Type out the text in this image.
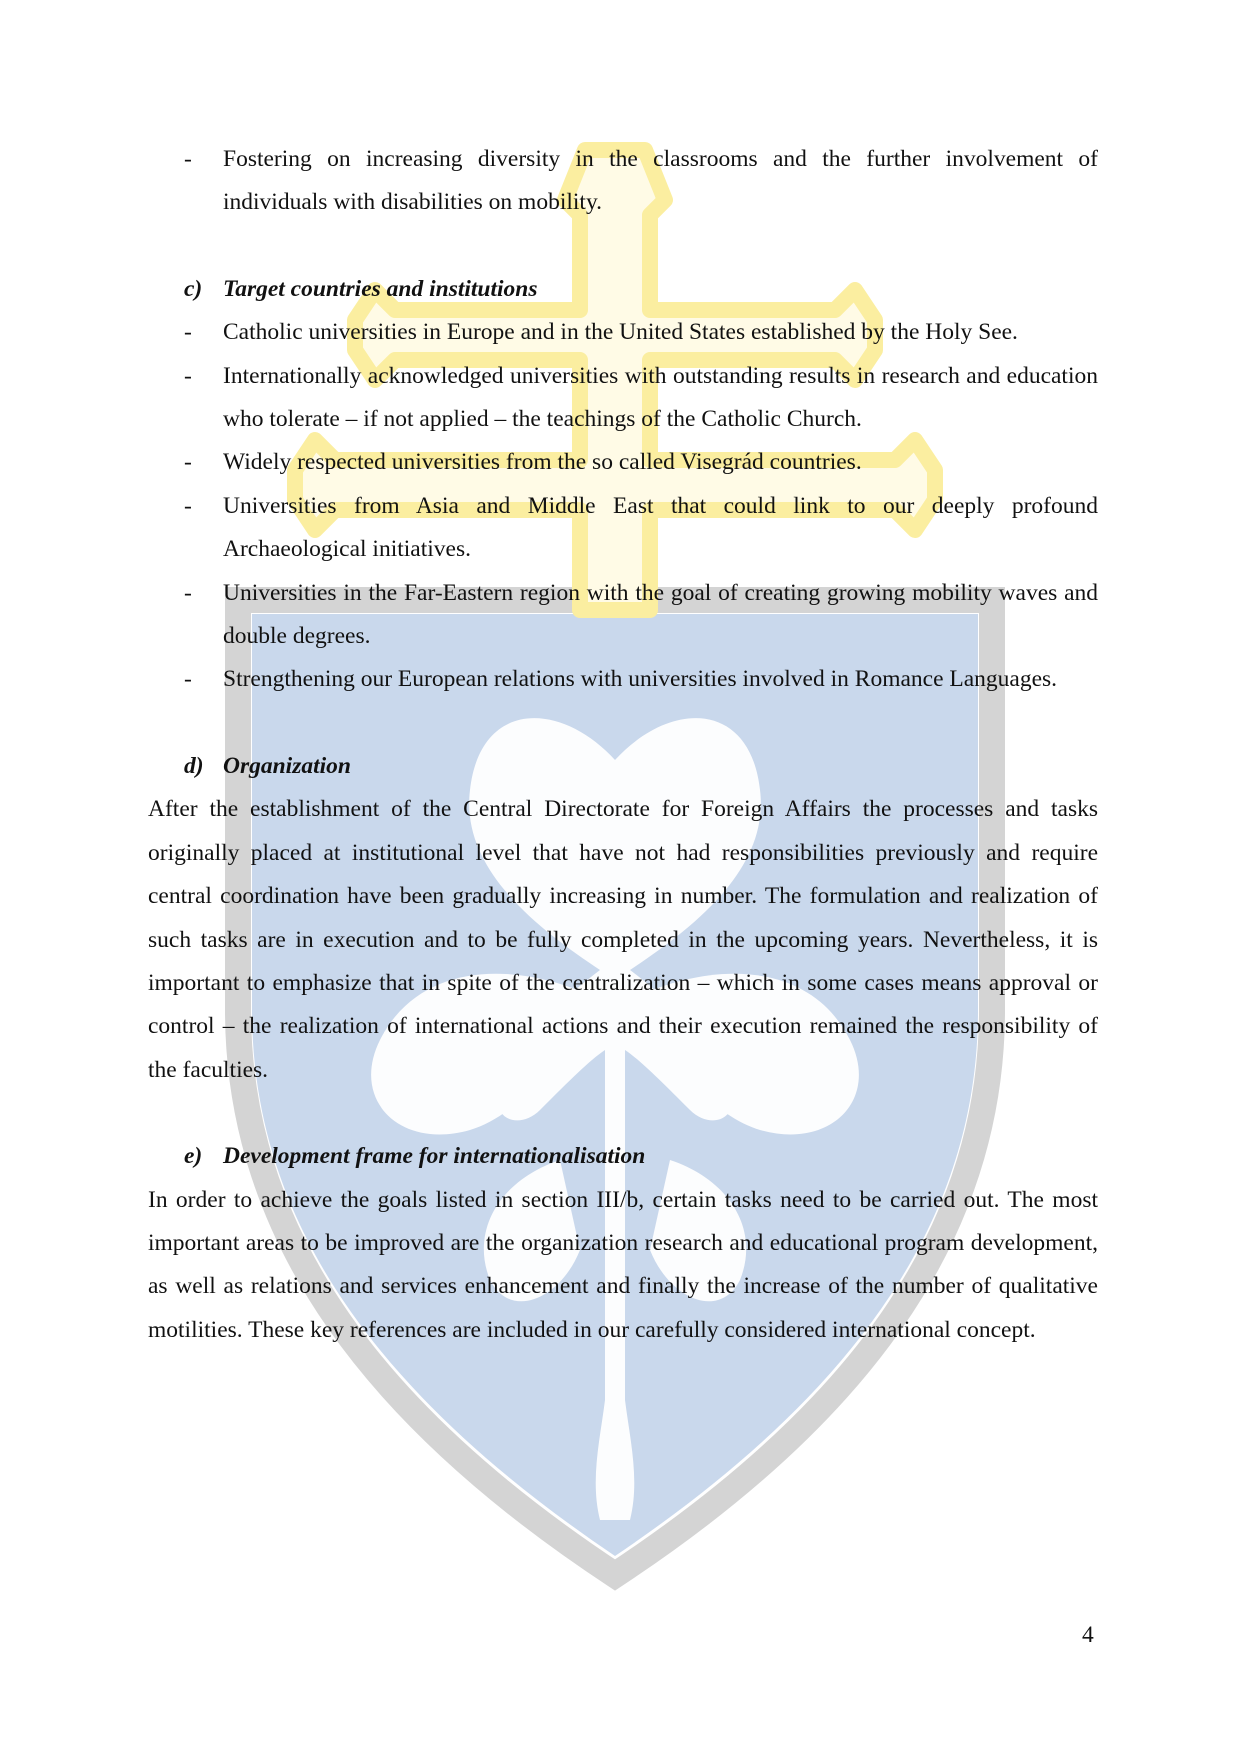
- Fostering on increasing diversity in the classrooms and the further involvement of individuals with disabilities on mobility.
c) Target countries and institutions
- Catholic universities in Europe and in the United States established by the Holy See.
- Internationally acknowledged universities with outstanding results in research and education who tolerate – if not applied – the teachings of the Catholic Church.
- Widely respected universities from the so called Visegrád countries.
- Universities from Asia and Middle East that could link to our deeply profound Archaeological initiatives.
- Universities in the Far-Eastern region with the goal of creating growing mobility waves and double degrees.
- Strengthening our European relations with universities involved in Romance Languages.
d) Organization
After the establishment of the Central Directorate for Foreign Affairs the processes and tasks originally placed at institutional level that have not had responsibilities previously and require central coordination have been gradually increasing in number. The formulation and realization of such tasks are in execution and to be fully completed in the upcoming years. Nevertheless, it is important to emphasize that in spite of the centralization – which in some cases means approval or control – the realization of international actions and their execution remained the responsibility of the faculties.
e) Development frame for internationalisation
In order to achieve the goals listed in section III/b, certain tasks need to be carried out. The most important areas to be improved are the organization research and educational program development, as well as relations and services enhancement and finally the increase of the number of qualitative motilities. These key references are included in our carefully considered international concept.
4
